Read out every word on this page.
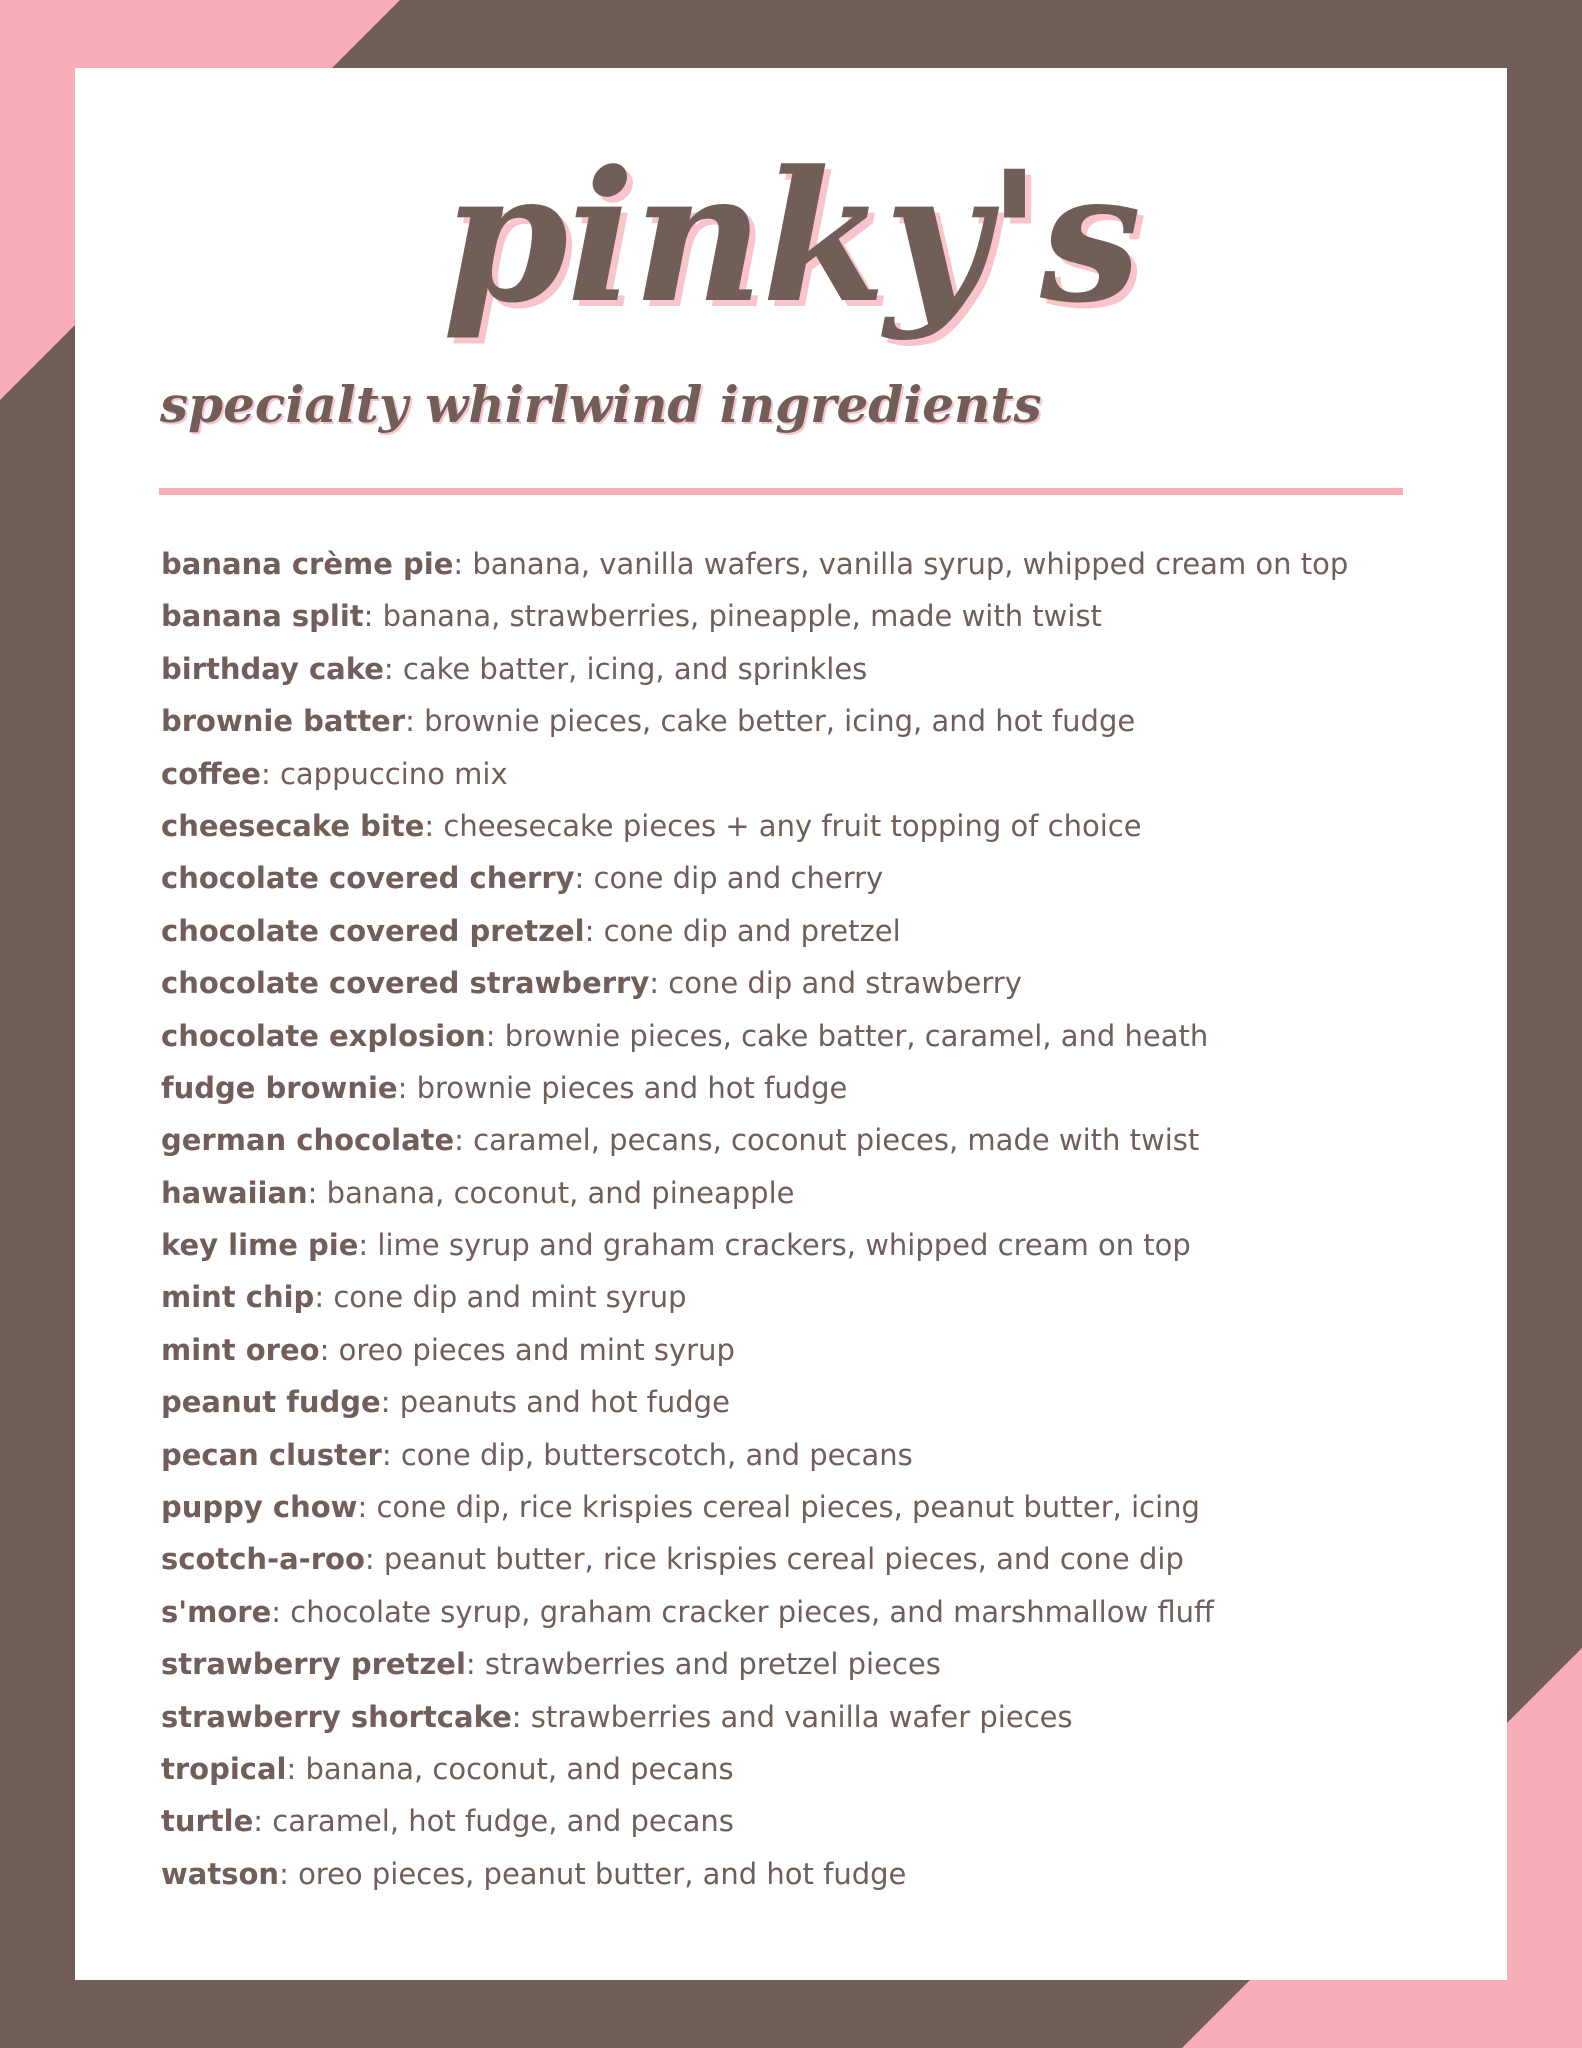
pinky's
specialty whirlwind ingredients
banana crème pie: banana, vanilla wafers, vanilla syrup, whipped cream on top
banana split: banana, strawberries, pineapple, made with twist
birthday cake: cake batter, icing, and sprinkles
brownie batter: brownie pieces, cake better, icing, and hot fudge
coffee: cappuccino mix
cheesecake bite: cheesecake pieces + any fruit topping of choice
chocolate covered cherry: cone dip and cherry
chocolate covered pretzel: cone dip and pretzel
chocolate covered strawberry: cone dip and strawberry
chocolate explosion: brownie pieces, cake batter, caramel, and heath
fudge brownie: brownie pieces and hot fudge
german chocolate: caramel, pecans, coconut pieces, made with twist
hawaiian: banana, coconut, and pineapple
key lime pie: lime syrup and graham crackers, whipped cream on top
mint chip: cone dip and mint syrup
mint oreo: oreo pieces and mint syrup
peanut fudge: peanuts and hot fudge
pecan cluster: cone dip, butterscotch, and pecans
puppy chow: cone dip, rice krispies cereal pieces, peanut butter, icing
scotch-a-roo: peanut butter, rice krispies cereal pieces, and cone dip
s'more: chocolate syrup, graham cracker pieces, and marshmallow fluff
strawberry pretzel: strawberries and pretzel pieces
strawberry shortcake: strawberries and vanilla wafer pieces
tropical: banana, coconut, and pecans
turtle: caramel, hot fudge, and pecans
watson: oreo pieces, peanut butter, and hot fudge
